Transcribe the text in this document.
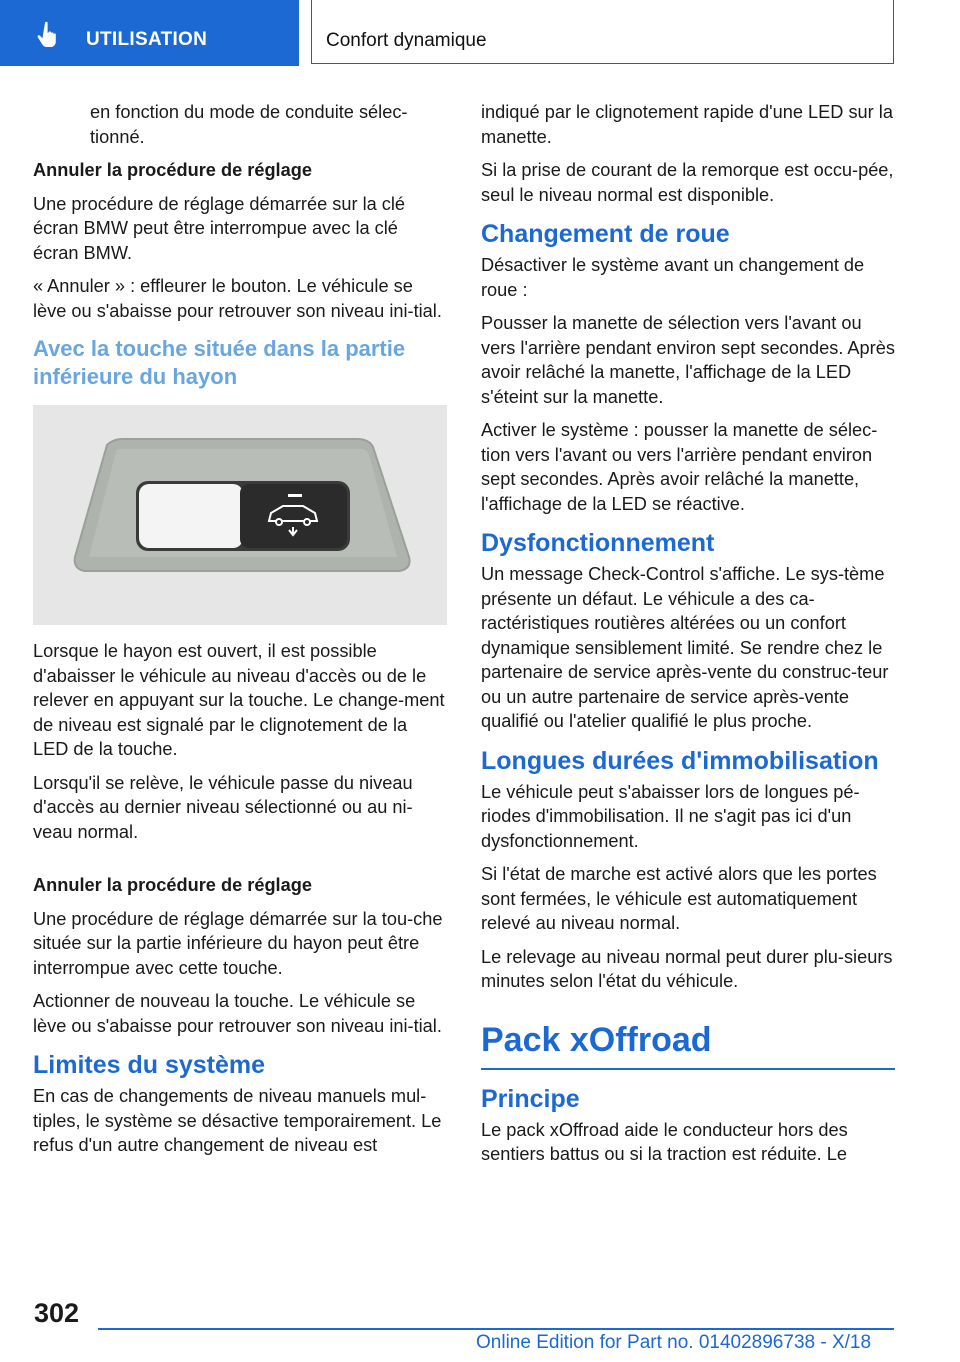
UTILISATION	Confort dynamique

en fonction du mode de conduite sélec-tionné.

Annuler la procédure de réglage

Une procédure de réglage démarrée sur la clé écran BMW peut être interrompue avec la clé écran BMW.

« Annuler » : effleurer le bouton. Le véhicule se lève ou s'abaisse pour retrouver son niveau ini-tial.

Avec la touche située dans la partie inférieure du hayon

Lorsque le hayon est ouvert, il est possible d'abaisser le véhicule au niveau d'accès ou de le relever en appuyant sur la touche. Le change-ment de niveau est signalé par le clignotement de la LED de la touche.

Lorsqu'il se relève, le véhicule passe du niveau d'accès au dernier niveau sélectionné ou au ni-veau normal.

Annuler la procédure de réglage

Une procédure de réglage démarrée sur la tou-che située sur la partie inférieure du hayon peut être interrompue avec cette touche.

Actionner de nouveau la touche. Le véhicule se lève ou s'abaisse pour retrouver son niveau ini-tial.

Limites du système

En cas de changements de niveau manuels mul-tiples, le système se désactive temporairement. Le refus d'un autre changement de niveau est

indiqué par le clignotement rapide d'une LED sur la manette.

Si la prise de courant de la remorque est occu-pée, seul le niveau normal est disponible.

Changement de roue

Désactiver le système avant un changement de roue :

Pousser la manette de sélection vers l'avant ou vers l'arrière pendant environ sept secondes. Après avoir relâché la manette, l'affichage de la LED s'éteint sur la manette.

Activer le système : pousser la manette de sélec-tion vers l'avant ou vers l'arrière pendant environ sept secondes. Après avoir relâché la manette, l'affichage de la LED se réactive.

Dysfonctionnement

Un message Check-Control s'affiche. Le sys-tème présente un défaut. Le véhicule a des ca-ractéristiques routières altérées ou un confort dynamique sensiblement limité. Se rendre chez le partenaire de service après-vente du construc-teur ou un autre partenaire de service après-vente qualifié ou l'atelier qualifié le plus proche.

Longues durées d'immobilisation

Le véhicule peut s'abaisser lors de longues pé-riodes d'immobilisation. Il ne s'agit pas ici d'un dysfonctionnement.

Si l'état de marche est activé alors que les portes sont fermées, le véhicule est automatiquement relevé au niveau normal.

Le relevage au niveau normal peut durer plu-sieurs minutes selon l'état du véhicule.

Pack xOffroad
Principe

Le pack xOffroad aide le conducteur hors des sentiers battus ou si la traction est réduite. Le

302
Online Edition for Part no. 01402896738 - X/18
